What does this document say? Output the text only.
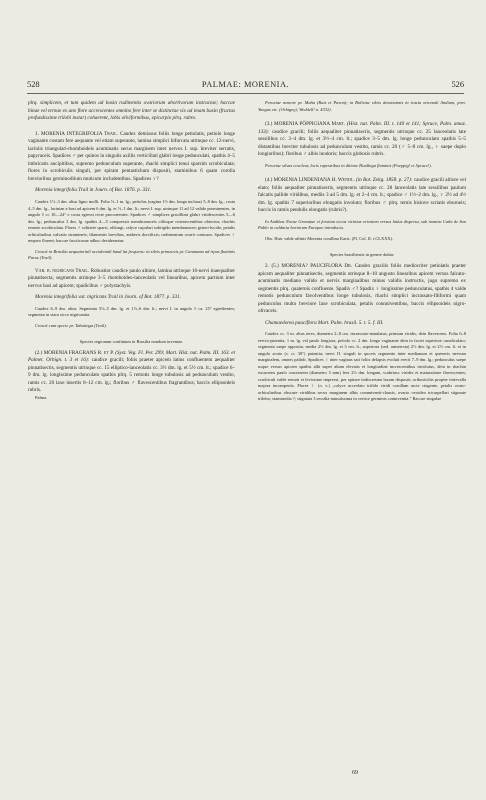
528	PALMAE: MORENIA.	526

plrq. simplicem, et tum quidem ad basin rudimentis ovariorum abortivorum instructae; baccae binae vel ternae ex uno flore accrescentes omnino fere inter se distinctae vix ad imam basin (fructus profundissime trilobi instar) cohaerent, lobis oliviformibus, epicarpio plrq. rubro.

1. MORENIA INTEGRIFOLIA Trail. Caudex demissus foliis longe petiolatis, petiolo longe vaginante costam fere aequante vel etiam superante, lamina simplici bifurcata utrinque cc. 12-nervi, laciniis triangulari-rhomboideis acuminatis secus marginem inter nervos I. sup. breviter serratis, papyraceis. Spadices ♂ per quinos in singulis axillis verticillati glabri longe pedunculati, spathis 4–5 imbricatis ancipitibus, supremo pedunculum superante, rhachi simplici tenui sparsim scrobiculata; flores in scrobiculis singuli, per spiram pentastichum dispositi, staminibus 6 quam corolla brevioribus germinodiium muticum includentibus. Spadices ♀?

Morenia integrifolia Trail in Journ. of Bot. 1876. p. 331.

Caudex 1½–3 dm. altus ligno molli. Folia ½–1 m. lg.; petiolus (vagina 1½ dm. longa inclusa) 5–8 dm. lg., costa 4–5 dm. lg., laciniae a basi ad apicem 6 dm. lg. et ½–1 dm. lt.; nervi I. sup. utrinque 11 ad 12 valide prominentes, in angulo ≡ cc 10—24° e costa egressi recte procurrentes. Spadices ♂ simplices gracillimi glabri viridescentes 5—6 dm. lg.; pedunculus 3 dm. lg. spathis 4—5 compressis membranaceis ciliisque cinerascentibus obtectus; rhachis remote scrobiculata. Flores ♂ solitarie sparsi, oblongi, calyce cupulari subrigido membranaceo griseo-lucido, petalis orbicularibus valvatis stramineis; filamentis brevibus, antheris dorsifixis; rudimentum ovarii conicum. Spadices ♀ nequeo florent; baccae fructicosae adhuc desiderantur.

Crescit in Brasilia aequatoriali occidentali haud ita frequens: in silvis primaevis pr. Canutama ad ripas fluminis Purus (Trail).

Var. β. nigricans Trail. Robustior caudice paulo altiore, lamina utrinque 16-nervi inaequaliter pinnatisecta, segmentis utrinque 3–5 rhomboideo-lanceolatis vel linearibus, apicem partium inter nervos basi ad apicem; spadicibus ♂ polystachyis.

Morenia integrifolia var. nigricans Trail in Journ. of Bot. 1877. p. 331.

Caudex 6–9 dm. altus. Segmenta 3½–5 dm. lg. et 1½–6 dm. lt.; nervi I. in angulo ≡ ca. 25° egredientes; segmenta in statu sicco nigricantia.

Crescit cum specie pr. Tabatinga (Trail).

Species regionum confinium in Brasilia nondum inventae.

(2.) MORENIA FRAGRANS R. et P. (Syst. Veg. Fl. Per. 299; Mart. Hist. nat. Palm. III. 163. et Palmet. Orbign. t. 3 et 16): caudice gracili; foliis praeter apicem latius confluentem aequaliter pinnatisectis, segmentis utrinque cc. 15 elliptico-lanceolatis cc. 3½ dm. lg. et 5½ cm. lt.; spadice 6–9 dm. lg. longissime pedunculato spathis plrq. 5 remotis longe tubulosis ad pedunculum vestito, ramis cc. 20 laxe insertis 8–12 cm. lg.; floribus ♂ flavescentibus fragrantibus; baccis ellipsoideis rubris.

Palma.

Peruviae nemore pr. Muña (Ruiz et Pavon); in Boliviae silvis densissimis in tractu orientali Andium, prov. Yungas etc. (Orbigny), Weddell! n. 4332).

(3.) MORENIA PÖPPIGIANA Mart. (Hist. nat. Palm. III. t. 140 et 141; Spruce, Palm. amaz. 133): caudice gracili; foliis aequaliter pinnatisectis, segmentis utrinque cc. 25 lanceolatis late sessilibus cc. 3–4 dm. lg. et 3½–4 cm. lt.; spadice 3–5 dm. lg. longe pedunculato spathis 5–5 distantibus breviter tubulosis ad pedunculum vestito, ramis cc. 20 (♂ 5–8 cm. lg., ♀ saepe duplo longioribus); floribus ♂ albis inodoris; baccis globosis rubris.

Peruviae silvas coveleur, locis rupestribus in ditione Huallaga fluminis (Poeppig! et Spruce!).

(4.) MORENIA LINDENIANA H. Wendl. (in Bot. Zeitg. 1858. p. 27): caudice gracili altiore vel elato; foliis aequaliter pinnatisectis, segmentis utrinque cc. 28 lanceolatis late sessilibus paulum falcatis pallide viridibus, mediis 3 ad 5 dm. lg. et 2–4 cm. lt.; spadice ♂ 1½–2 dm. lg., ♀ 2½ ad 4½ dm. lg. spathis 7 superioribus elongatis involuto; floribus ♂ plrq. ternis bisinve scriatis eburneis; baccis in ramis pendulis elongatis (rubris?).

In Andibus Novae Granatae et forsitan occas vicinius orientem versus latius dispersa, sub nomine Caña de San Pablo in caldaria hortorum Europae introducta.

Obs. Huic valde affinis Morenia corallina Karst. (Fl. Col. II. t.CLXXX).

Species brasiliensis in genere dubia:

2. (5.) MORENIA? PAUCIFLORA Dr. Candex gracilis foliis mediocriter petiolatis praeter apicem aequaliter pinnatisectis, segmentis utrinque 8–10 angusto linearibus apicem versus falcato-acuminatis mediano valido et nervis marginalibus minus validis instructis, jugo supremo ex segmentis plrq. quaternis confluente. Spadix ♂? Spadix ♀ longissime pedunculatus, spathis 4 valde remotis pedunculum favolventibus longe tubulosis, rhachi simplici incrassato-filiformi quam pedunculus multo breviore laxe scrobiculata, petalis connniventibus, baccis ellipsoideis nigro-olivaceis.

Chamaedorea pauciflora Mart. Palm. brasil. 5. t. 5. f. III.

Caudex cc. 3 m. altus teres, diametro 2–8 cm. incrassato-annulatus, primum viridis, dein flavescens. Folia 6–8 erecto-patentia, 1 m. lg. vel paulo longiora, petiolo cc. 2 dm. longo vaginante dein in faciei superiore canaliculato; segmenta saepe opposita, media 2½ dm. lg. et 3 cm. lt., superiora (sed. aniserrsia) 2½ dm. lg. et 2½ cm. lt. et in angulo acuto (s. cc 30°) patentia; nervi II. singuli in quovis segmento inter medianum et quemvis nervum marginalem, omnes paliidi. Spadices ♀ inter vaginas sati foliis delapsis evoluti erecti 7–9 dm. lg.; pedunculus saepe usque versus apicem spathis albi super aliam elevatis et longitudine increscentibus involutus, dein in rhachin excurrens paulo crassiorem (diametro 3 mm) fere 2½ dm. longam, scabriusc virides et maturatione flavescentes; scrobiculi valde remoti et levissime impressi, per spirare indiscretam laxam dispositi, orthostichis propter intervalla majora incompertis. Flores ♀ (o. v.) „calyce urceolato trifido viridi corollam arcte cingente, petalis ovato-orbicularibus obscure viridibus secus marginem albis connniventi-clausis, ovario ovoideo tricarpellari stigmate trilobo; staminodia ?; stigmata 3 sessilia minutissima in vertice germinis conniventia.” Baccae singulae

69
